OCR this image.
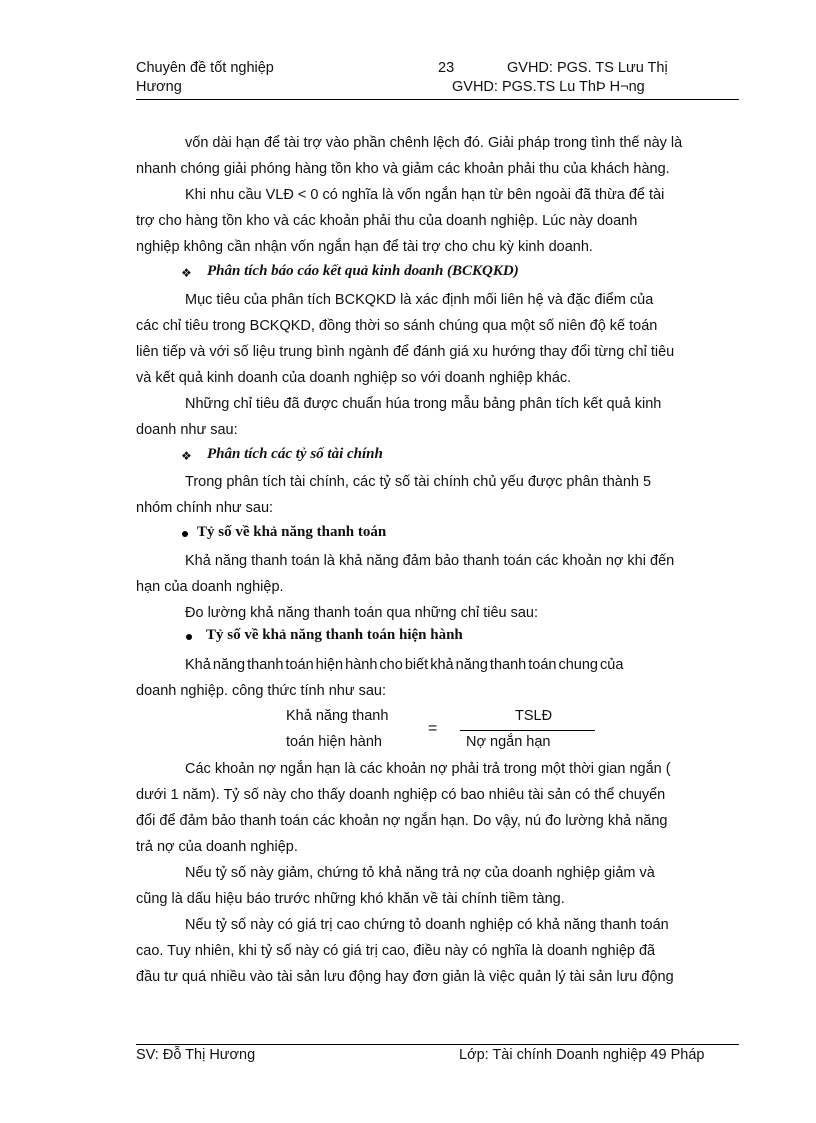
Chuyên đề tốt nghiệp	23	GVHD: PGS. TS Lưu Thị
Hương	GVHD: PGS.TS Lu ThÞ H¬ng
vốn dài hạn để tài trợ vào phần chênh lệch đó. Giải pháp trong tình thế này là
nhanh chóng giải phóng hàng tồn kho và giảm các khoản phải thu của khách hàng.
Khi nhu cầu VLĐ < 0 có nghĩa là vốn ngắn hạn từ bên ngoài đã thừa để tài
trợ cho hàng tồn kho và các khoản phải thu của doanh nghiệp. Lúc này doanh
nghiệp không cần nhận vốn ngắn hạn để tài trợ cho chu kỳ kinh doanh.
❖ Phân tích báo cáo kết quả kinh doanh (BCKQKD)
Mục tiêu của phân tích BCKQKD là xác định mối liên hệ và đặc điểm của
các chỉ tiêu trong BCKQKD, đồng thời so sánh chúng qua một số niên độ kế toán
liên tiếp và với số liệu trung bình ngành để đánh giá xu hướng thay đổi từng chỉ tiêu
và kết quả kinh doanh của doanh nghiệp so với doanh nghiệp khác.
Những chỉ tiêu đã được chuẩn húa trong mẫu bảng phân tích kết quả kinh
doanh như sau:
❖ Phân tích các tỷ số tài chính
Trong phân tích tài chính, các tỷ số tài chính chủ yếu được phân thành 5
nhóm chính như sau:
Tỷ số về khả năng thanh toán
Khả năng thanh toán là khả năng đảm bảo thanh toán các khoản nợ khi đến
hạn của doanh nghiệp.
Đo lường khả năng thanh toán qua những chỉ tiêu sau:
Tỷ số về khả năng thanh toán hiện hành
Khả năng thanh toán hiện hành cho biết khả năng thanh toán chung của
doanh nghiệp. công thức tính như sau:
Khả năng thanh
toán hiện hành
=
TSLĐ
Nợ ngắn hạn
Các khoản nợ ngắn hạn là các khoản nợ phải trả trong một thời gian ngắn (
dưới 1 năm). Tỷ số này cho thấy doanh nghiệp có bao nhiêu tài sản có thể chuyển
đổi để đảm bảo thanh toán các khoản nợ ngắn hạn. Do vậy, nú đo lường khả năng
trả nợ của doanh nghiệp.
Nếu tỷ số này giảm, chứng tỏ khả năng trả nợ của doanh nghiệp giảm và
cũng là dấu hiệu báo trước những khó khăn về tài chính tiềm tàng.
Nếu tỷ số này có giá trị cao chứng tỏ doanh nghiệp có khả năng thanh toán
cao. Tuy nhiên, khi tỷ số này có giá trị cao, điều này có nghĩa là doanh nghiệp đã
đầu tư quá nhiều vào tài sản lưu động hay đơn giản là việc quản lý tài sản lưu động
SV: Đỗ Thị Hương	Lớp: Tài chính Doanh nghiệp 49 Pháp
